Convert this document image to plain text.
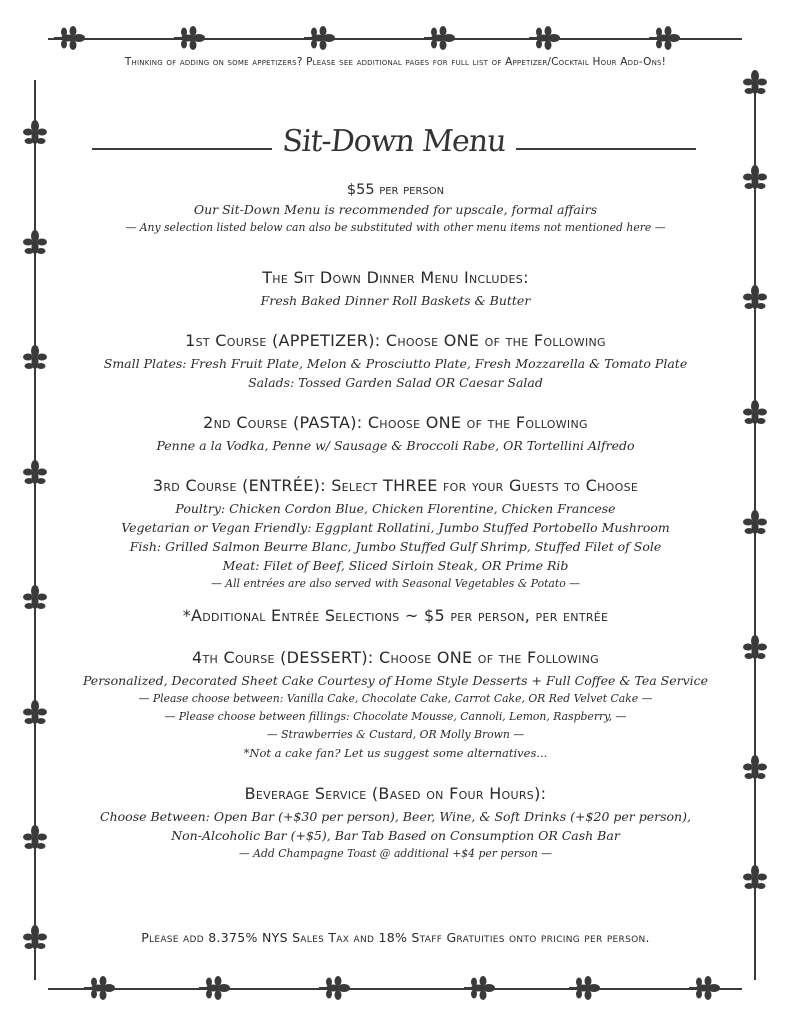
Thinking of adding on some appetizers? Please see additional pages for full list of Appetizer/Cocktail Hour Add-Ons!
Sit-Down Menu

$55 per person

Our Sit-Down Menu is recommended for upscale, formal affairs

— Any selection listed below can also be substituted with other menu items not mentioned here —

The Sit Down Dinner Menu Includes:

Fresh Baked Dinner Roll Baskets & Butter

1st Course (APPETIZER): Choose ONE of the Following

Small Plates: Fresh Fruit Plate, Melon & Prosciutto Plate, Fresh Mozzarella & Tomato Plate

Salads: Tossed Garden Salad OR Caesar Salad

2nd Course (PASTA): Choose ONE of the Following

Penne a la Vodka, Penne w/ Sausage & Broccoli Rabe, OR Tortellini Alfredo

3rd Course (ENTRÉE): Select THREE for your Guests to Choose

Poultry: Chicken Cordon Blue, Chicken Florentine, Chicken Francese

Vegetarian or Vegan Friendly: Eggplant Rollatini, Jumbo Stuffed Portobello Mushroom

Fish: Grilled Salmon Beurre Blanc, Jumbo Stuffed Gulf Shrimp, Stuffed Filet of Sole

Meat: Filet of Beef, Sliced Sirloin Steak, OR Prime Rib

— All entrées are also served with Seasonal Vegetables & Potato —

*Additional Entrée Selections ~ $5 per person, per entrée

4th Course (DESSERT): Choose ONE of the Following

Personalized, Decorated Sheet Cake Courtesy of Home Style Desserts + Full Coffee & Tea Service

— Please choose between: Vanilla Cake, Chocolate Cake, Carrot Cake, OR Red Velvet Cake —

— Please choose between fillings: Chocolate Mousse, Cannoli, Lemon, Raspberry, —

— Strawberries & Custard, OR Molly Brown —

*Not a cake fan? Let us suggest some alternatives...

Beverage Service (Based on Four Hours):

Choose Between: Open Bar (+$30 per person), Beer, Wine, & Soft Drinks (+$20 per person),

Non-Alcoholic Bar (+$5), Bar Tab Based on Consumption OR Cash Bar

— Add Champagne Toast @ additional +$4 per person —

Please add 8.375% NYS Sales Tax and 18% Staff Gratuities onto pricing per person.
